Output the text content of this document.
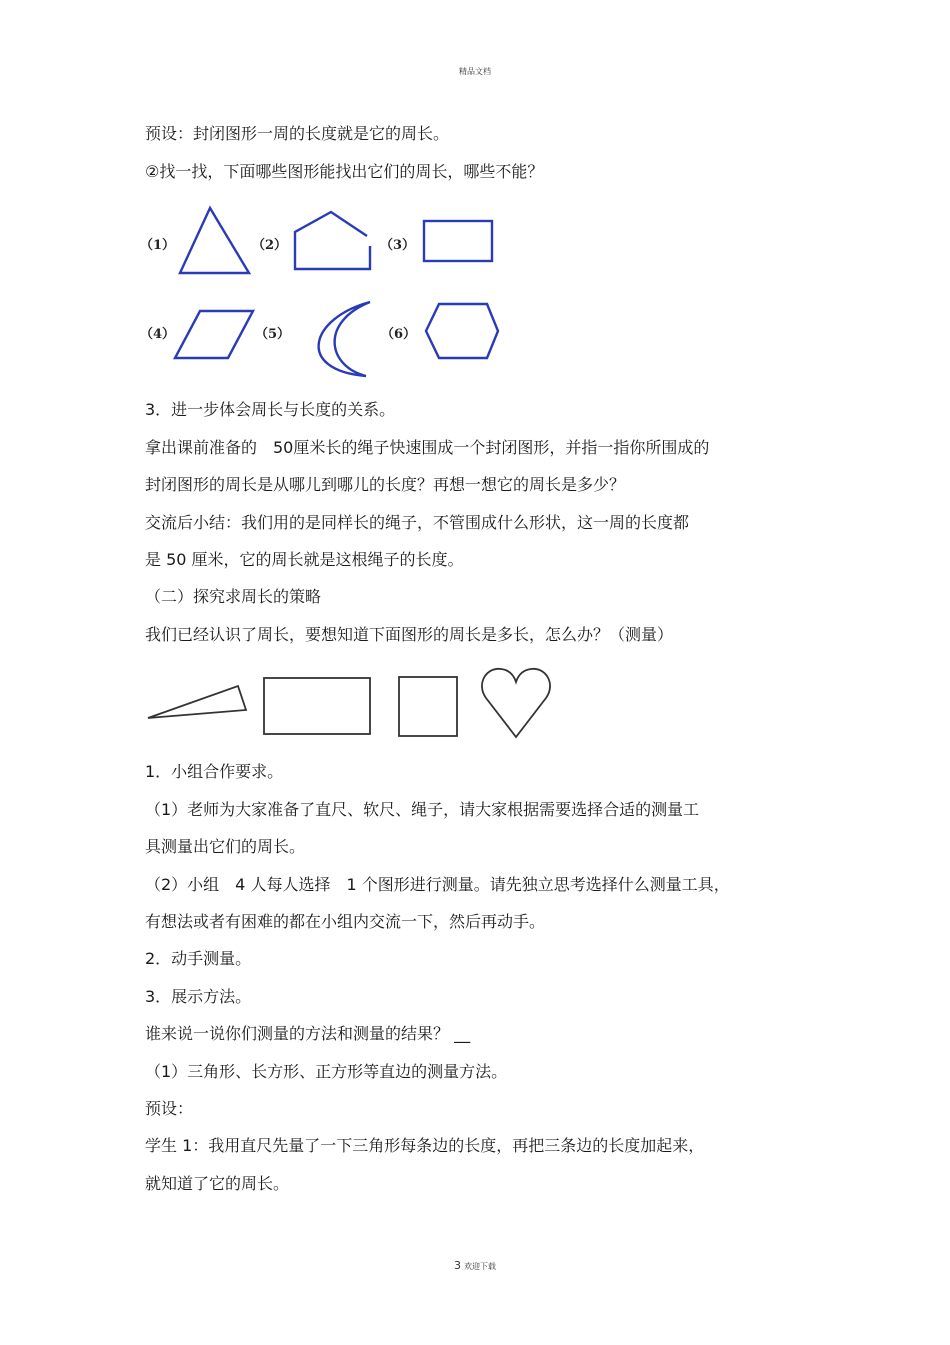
精品文档
预设：封闭图形一周的长度就是它的周长。
②找一找，下面哪些图形能找出它们的周长，哪些不能？
（1）	（2）	（3）
（4）	（5）	（6）
3．进一步体会周长与长度的关系。
拿出课前准备的　50厘米长的绳子快速围成一个封闭图形，并指一指你所围成的
封闭图形的周长是从哪儿到哪儿的长度？再想一想它的周长是多少？
交流后小结：我们用的是同样长的绳子，不管围成什么形状，这一周的长度都
是 50 厘米，它的周长就是这根绳子的长度。
（二）探究求周长的策略
我们已经认识了周长，要想知道下面图形的周长是多长，怎么办？（测量）
1．小组合作要求。
（1）老师为大家准备了直尺、软尺、绳子，请大家根据需要选择合适的测量工
具测量出它们的周长。
（2）小组　4 人每人选择　1 个图形进行测量。请先独立思考选择什么测量工具，
有想法或者有困难的都在小组内交流一下，然后再动手。
2．动手测量。
3．展示方法。
谁来说一说你们测量的方法和测量的结果？ __
（1）三角形、长方形、正方形等直边的测量方法。
预设：
学生 1：我用直尺先量了一下三角形每条边的长度，再把三条边的长度加起来，
就知道了它的周长。
3 欢迎下载
